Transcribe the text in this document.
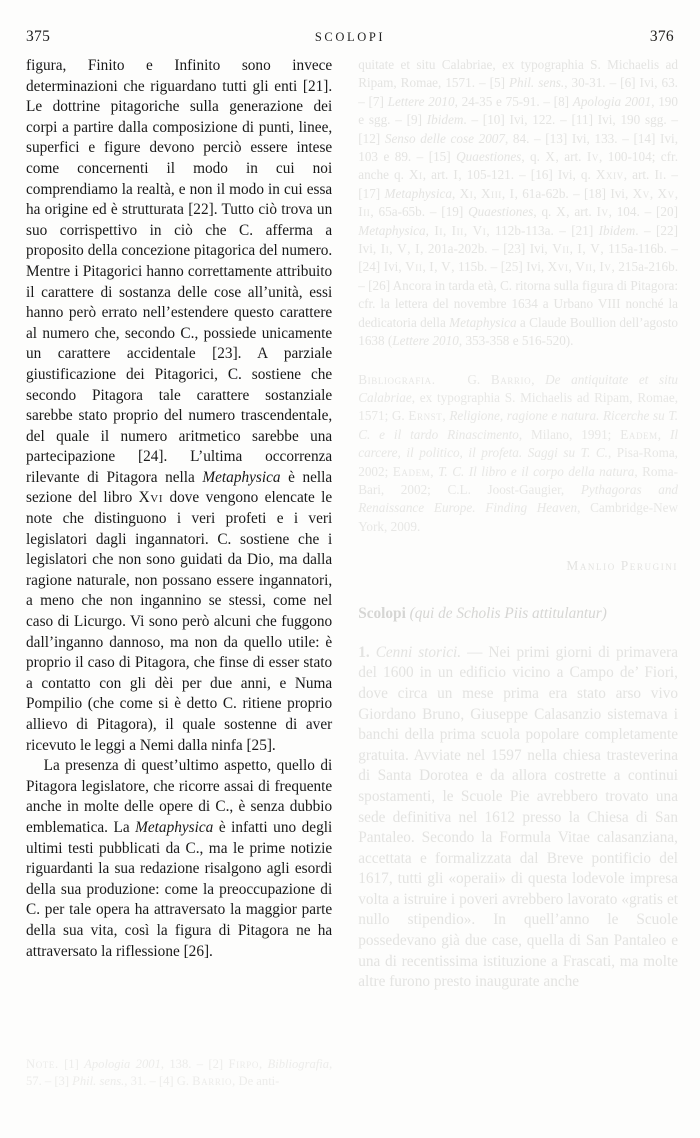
375	SCOLOPI	376

figura, Finito e Infinito sono invece determinazioni che riguardano tutti gli enti [21]. Le dottrine pitagoriche sulla generazione dei corpi a partire dalla composizione di punti, linee, superfici e figure devono perciò essere intese come concernenti il modo in cui noi comprendiamo la realtà, e non il modo in cui essa ha origine ed è strutturata [22]. Tutto ciò trova un suo corrispettivo in ciò che C. afferma a proposito della concezione pitagorica del numero. Mentre i Pitagorici hanno correttamente attribuito il carattere di sostanza delle cose all’unità, essi hanno però errato nell’estendere questo carattere al numero che, secondo C., possiede unicamente un carattere accidentale [23]. A parziale giustificazione dei Pitagorici, C. sostiene che secondo Pitagora tale carattere sostanziale sarebbe stato proprio del numero trascendentale, del quale il numero aritmetico sarebbe una partecipazione [24]. L’ultima occorrenza rilevante di Pitagora nella Metaphysica è nella sezione del libro Xvi dove vengono elencate le note che distinguono i veri profeti e i veri legislatori dagli ingannatori. C. sostiene che i legislatori che non sono guidati da Dio, ma dalla ragione naturale, non possano essere ingannatori, a meno che non ingannino se stessi, come nel caso di Licurgo. Vi sono però alcuni che fuggono dall’inganno dannoso, ma non da quello utile: è proprio il caso di Pitagora, che finse di esser stato a contatto con gli dèi per due anni, e Numa Pompilio (che come si è detto C. ritiene proprio allievo di Pitagora), il quale sostenne di aver ricevuto le leggi a Nemi dalla ninfa [25].

La presenza di quest’ultimo aspetto, quello di Pitagora legislatore, che ricorre assai di frequente anche in molte delle opere di C., è senza dubbio emblematica. La Metaphysica è infatti uno degli ultimi testi pubblicati da C., ma le prime notizie riguardanti la sua redazione risalgono agli esordi della sua produzione: come la preoccupazione di C. per tale opera ha attraversato la maggior parte della sua vita, così la figura di Pitagora ne ha attraversato la riflessione [26].

Note. [1] Apologia 2001, 138. – [2] Firpo, Bibliografia, 57. – [3] Phil. sens., 31. – [4] G. Barrio, De anti-
quitate et situ Calabriae, ex typographia S. Michaelis ad Ripam, Romae, 1571. – [5] Phil. sens., 30-31. – [6] Ivi, 63. – [7] Lettere 2010, 24-35 e 75-91. – [8] Apologia 2001, 190 e sgg. – [9] Ibidem. – [10] Ivi, 122. – [11] Ivi, 190 sgg. – [12] Senso delle cose 2007, 84. – [13] Ivi, 133. – [14] Ivi, 103 e 89. – [15] Quaestiones, q. X, art. Iv, 100-104; cfr. anche q. Xi, art. I, 105-121. – [16] Ivi, q. Xxiv, art. Ii. – [17] Metaphysica, Xi, Xiii, I, 61a-62b. – [18] Ivi, Xv, Xv, Iii, 65a-65b. – [19] Quaestiones, q. X, art. Iv, 104. – [20] Metaphysica, Ii, Iii, Vi, 112b-113a. – [21] Ibidem. – [22] Ivi, Ii, V, I, 201a-202b. – [23] Ivi, Vii, I, V, 115a-116b. – [24] Ivi, Vii, I, V, 115b. – [25] Ivi, Xvi, Vii, Iv, 215a-216b. – [26] Ancora in tarda età, C. ritorna sulla figura di Pitagora: cfr. la lettera del novembre 1634 a Urbano VIII nonché la dedicatoria della Metaphysica a Claude Boullion dell’agosto 1638 (Lettere 2010, 353-358 e 516-520).
Bibliografia. G. Barrio, De antiquitate et situ Calabriae, ex typographia S. Michaelis ad Ripam, Romae, 1571; G. Ernst, Religione, ragione e natura. Ricerche su T. C. e il tardo Rinascimento, Milano, 1991; Eadem, Il carcere, il politico, il profeta. Saggi su T. C., Pisa-Roma, 2002; Eadem, T. C. Il libro e il corpo della natura, Roma-Bari, 2002; C.L. Joost-Gaugier, Pythagoras and Renaissance Europe. Finding Heaven, Cambridge-New York, 2009.
Manlio Perugini
Scolopi (qui de Scholis Piis attitulantur)
1. Cenni storici. — Nei primi giorni di primavera del 1600 in un edificio vicino a Campo de’ Fiori, dove circa un mese prima era stato arso vivo Giordano Bruno, Giuseppe Calasanzio sistemava i banchi della prima scuola popolare completamente gratuita. Avviate nel 1597 nella chiesa trasteverina di Santa Dorotea e da allora costrette a continui spostamenti, le Scuole Pie avrebbero trovato una sede definitiva nel 1612 presso la Chiesa di San Pantaleo. Secondo la Formula Vitae calasanziana, accettata e formalizzata dal Breve pontificio del 1617, tutti gli «operaii» di questa lodevole impresa volta a istruire i poveri avrebbero lavorato «gratis et nullo stipendio». In quell’anno le Scuole possedevano già due case, quella di San Pantaleo e una di recentissima istituzione a Frascati, ma molte altre furono presto inaugurate anche
